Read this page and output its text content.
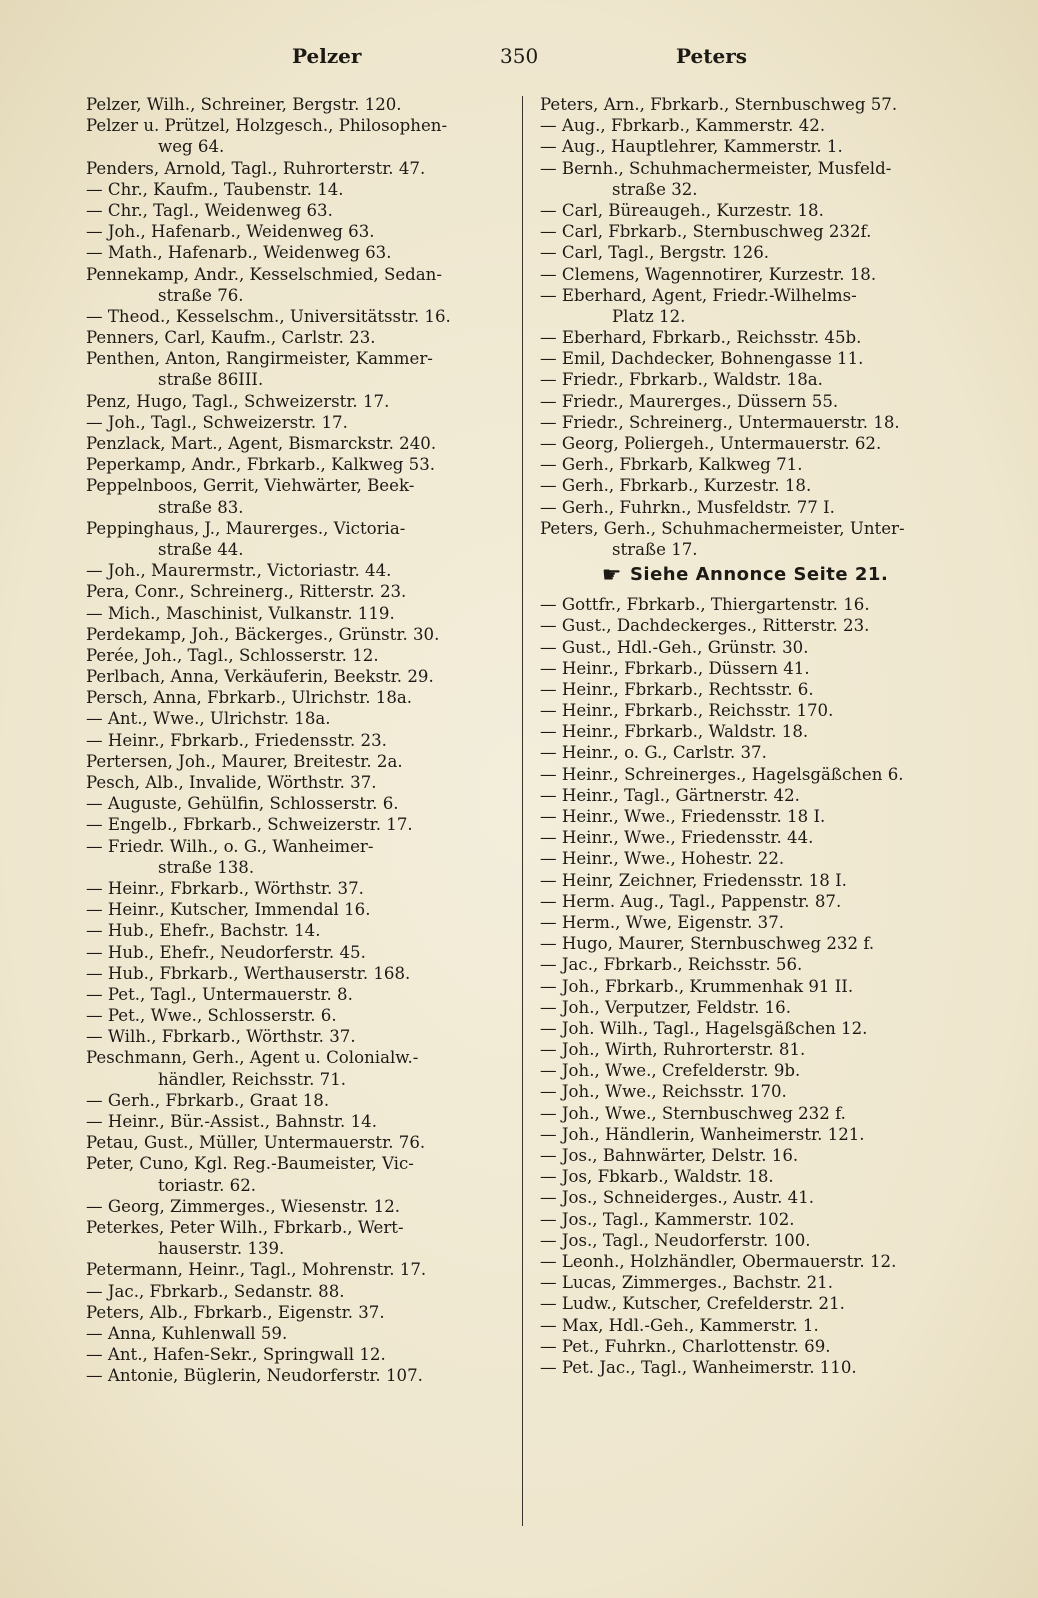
Pelzer	350	Peters
Pelzer, Wilh., Schreiner, Bergstr. 120.
Pelzer u. Prützel, Holzgesch., Philosophen-
weg 64.
Penders, Arnold, Tagl., Ruhrorterstr. 47.
— Chr., Kaufm., Taubenstr. 14.
— Chr., Tagl., Weidenweg 63.
— Joh., Hafenarb., Weidenweg 63.
— Math., Hafenarb., Weidenweg 63.
Pennekamp, Andr., Kesselschmied, Sedan-
straße 76.
— Theod., Kesselschm., Universitätsstr. 16.
Penners, Carl, Kaufm., Carlstr. 23.
Penthen, Anton, Rangirmeister, Kammer-
straße 86III.
Penz, Hugo, Tagl., Schweizerstr. 17.
— Joh., Tagl., Schweizerstr. 17.
Penzlack, Mart., Agent, Bismarckstr. 240.
Peperkamp, Andr., Fbrkarb., Kalkweg 53.
Peppelnboos, Gerrit, Viehwärter, Beek-
straße 83.
Peppinghaus, J., Maurerges., Victoria-
straße 44.
— Joh., Maurermstr., Victoriastr. 44.
Pera, Conr., Schreinerg., Ritterstr. 23.
— Mich., Maschinist, Vulkanstr. 119.
Perdekamp, Joh., Bäckerges., Grünstr. 30.
Perée, Joh., Tagl., Schlosserstr. 12.
Perlbach, Anna, Verkäuferin, Beekstr. 29.
Persch, Anna, Fbrkarb., Ulrichstr. 18a.
— Ant., Wwe., Ulrichstr. 18a.
— Heinr., Fbrkarb., Friedensstr. 23.
Pertersen, Joh., Maurer, Breitestr. 2a.
Pesch, Alb., Invalide, Wörthstr. 37.
— Auguste, Gehülfin, Schlosserstr. 6.
— Engelb., Fbrkarb., Schweizerstr. 17.
— Friedr. Wilh., o. G., Wanheimer-
straße 138.
— Heinr., Fbrkarb., Wörthstr. 37.
— Heinr., Kutscher, Immendal 16.
— Hub., Ehefr., Bachstr. 14.
— Hub., Ehefr., Neudorferstr. 45.
— Hub., Fbrkarb., Werthauserstr. 168.
— Pet., Tagl., Untermauerstr. 8.
— Pet., Wwe., Schlosserstr. 6.
— Wilh., Fbrkarb., Wörthstr. 37.
Peschmann, Gerh., Agent u. Colonialw.-
händler, Reichsstr. 71.
— Gerh., Fbrkarb., Graat 18.
— Heinr., Bür.-Assist., Bahnstr. 14.
Petau, Gust., Müller, Untermauerstr. 76.
Peter, Cuno, Kgl. Reg.-Baumeister, Vic-
toriastr. 62.
— Georg, Zimmerges., Wiesenstr. 12.
Peterkes, Peter Wilh., Fbrkarb., Wert-
hauserstr. 139.
Petermann, Heinr., Tagl., Mohrenstr. 17.
— Jac., Fbrkarb., Sedanstr. 88.
Peters, Alb., Fbrkarb., Eigenstr. 37.
— Anna, Kuhlenwall 59.
— Ant., Hafen-Sekr., Springwall 12.
— Antonie, Büglerin, Neudorferstr. 107.
Peters, Arn., Fbrkarb., Sternbuschweg 57.
— Aug., Fbrkarb., Kammerstr. 42.
— Aug., Hauptlehrer, Kammerstr. 1.
— Bernh., Schuhmachermeister, Musfeld-
straße 32.
— Carl, Büreaugeh., Kurzestr. 18.
— Carl, Fbrkarb., Sternbuschweg 232f.
— Carl, Tagl., Bergstr. 126.
— Clemens, Wagennotirer, Kurzestr. 18.
— Eberhard, Agent, Friedr.-Wilhelms-
Platz 12.
— Eberhard, Fbrkarb., Reichsstr. 45b.
— Emil, Dachdecker, Bohnengasse 11.
— Friedr., Fbrkarb., Waldstr. 18a.
— Friedr., Maurerges., Düssern 55.
— Friedr., Schreinerg., Untermauerstr. 18.
— Georg, Poliergeh., Untermauerstr. 62.
— Gerh., Fbrkarb, Kalkweg 71.
— Gerh., Fbrkarb., Kurzestr. 18.
— Gerh., Fuhrkn., Musfeldstr. 77 I.
Peters, Gerh., Schuhmachermeister, Unter-
straße 17.
☛ Siehe Annonce Seite 21.
— Gottfr., Fbrkarb., Thiergartenstr. 16.
— Gust., Dachdeckerges., Ritterstr. 23.
— Gust., Hdl.-Geh., Grünstr. 30.
— Heinr., Fbrkarb., Düssern 41.
— Heinr., Fbrkarb., Rechtsstr. 6.
— Heinr., Fbrkarb., Reichsstr. 170.
— Heinr., Fbrkarb., Waldstr. 18.
— Heinr., o. G., Carlstr. 37.
— Heinr., Schreinerges., Hagelsgäßchen 6.
— Heinr., Tagl., Gärtnerstr. 42.
— Heinr., Wwe., Friedensstr. 18 I.
— Heinr., Wwe., Friedensstr. 44.
— Heinr., Wwe., Hohestr. 22.
— Heinr, Zeichner, Friedensstr. 18 I.
— Herm. Aug., Tagl., Pappenstr. 87.
— Herm., Wwe, Eigenstr. 37.
— Hugo, Maurer, Sternbuschweg 232 f.
— Jac., Fbrkarb., Reichsstr. 56.
— Joh., Fbrkarb., Krummenhak 91 II.
— Joh., Verputzer, Feldstr. 16.
— Joh. Wilh., Tagl., Hagelsgäßchen 12.
— Joh., Wirth, Ruhrorterstr. 81.
— Joh., Wwe., Crefelderstr. 9b.
— Joh., Wwe., Reichsstr. 170.
— Joh., Wwe., Sternbuschweg 232 f.
— Joh., Händlerin, Wanheimerstr. 121.
— Jos., Bahnwärter, Delstr. 16.
— Jos, Fbkarb., Waldstr. 18.
— Jos., Schneiderges., Austr. 41.
— Jos., Tagl., Kammerstr. 102.
— Jos., Tagl., Neudorferstr. 100.
— Leonh., Holzhändler, Obermauerstr. 12.
— Lucas, Zimmerges., Bachstr. 21.
— Ludw., Kutscher, Crefelderstr. 21.
— Max, Hdl.-Geh., Kammerstr. 1.
— Pet., Fuhrkn., Charlottenstr. 69.
— Pet. Jac., Tagl., Wanheimerstr. 110.
